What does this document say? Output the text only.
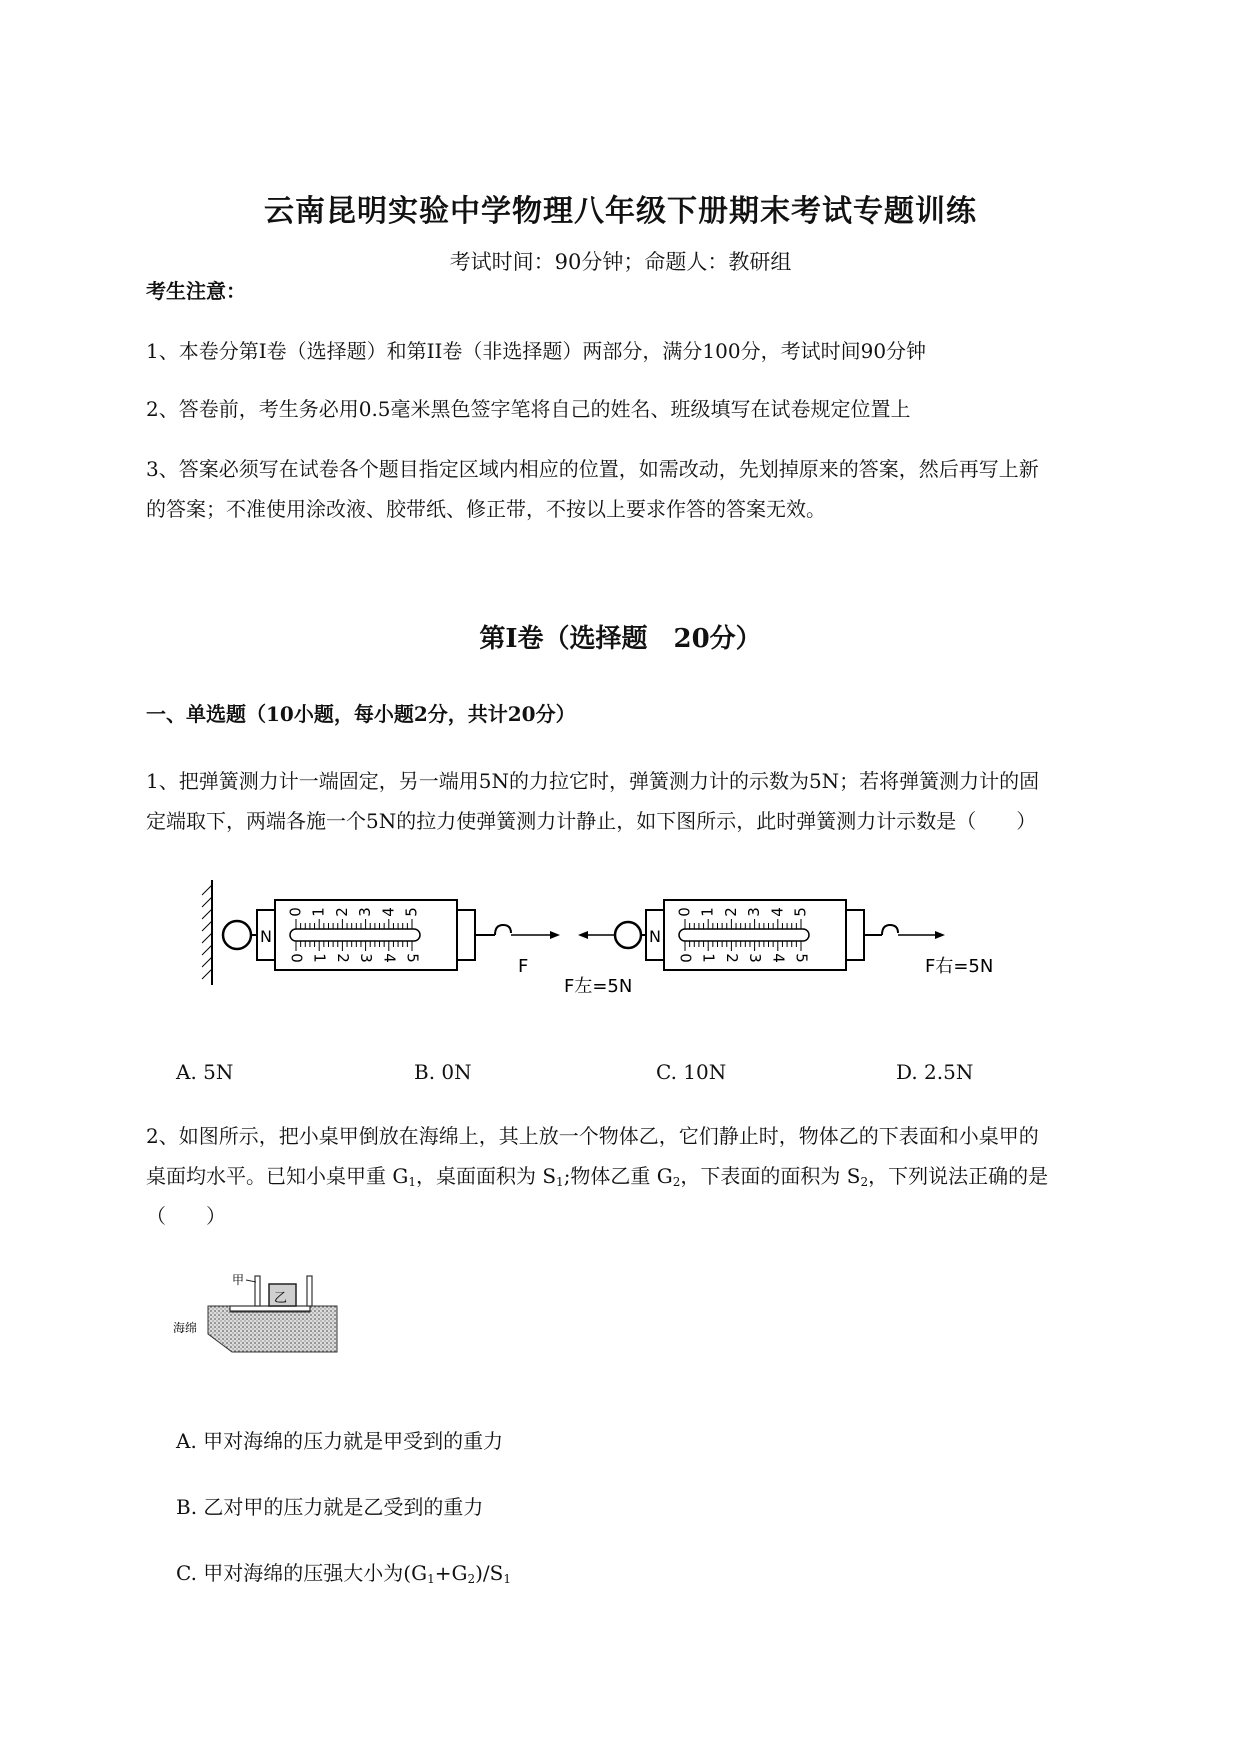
云南昆明实验中学物理八年级下册期末考试专题训练
考试时间：90分钟；命题人：教研组
考生注意：
1、本卷分第I卷（选择题）和第II卷（非选择题）两部分，满分100分，考试时间90分钟
2、答卷前，考生务必用0.5毫米黑色签字笔将自己的姓名、班级填写在试卷规定位置上
3、答案必须写在试卷各个题目指定区域内相应的位置，如需改动，先划掉原来的答案，然后再写上新
的答案；不准使用涂改液、胶带纸、修正带，不按以上要求作答的答案无效。
第I卷（选择题　20分）
一、单选题（10小题，每小题2分，共计20分）
1、把弹簧测力计一端固定，另一端用5N的力拉它时，弹簧测力计的示数为5N；若将弹簧测力计的固
定端取下，两端各施一个5N的拉力使弹簧测力计静止，如下图所示，此时弹簧测力计示数是（　　）
0
0
1
1
2
2
3
3
4
4
5
5
N
F
0
0
1
1
2
2
3
3
4
4
5
5
N
F左=5N
F右=5N
A. 5N	B. 0N	C. 10N	D. 2.5N
2、如图所示，把小桌甲倒放在海绵上，其上放一个物体乙，它们静止时，物体乙的下表面和小桌甲的
桌面均水平。已知小桌甲重 $G_1$，桌面面积为 $S_1$;物体乙重 $G_2$，下表面的面积为 $S_2$，下列说法正确的是
（　　）
乙
甲
海绵
A. 甲对海绵的压力就是甲受到的重力
B. 乙对甲的压力就是乙受到的重力
C. 甲对海绵的压强大小为$(G_1+G_2)/S_1$
